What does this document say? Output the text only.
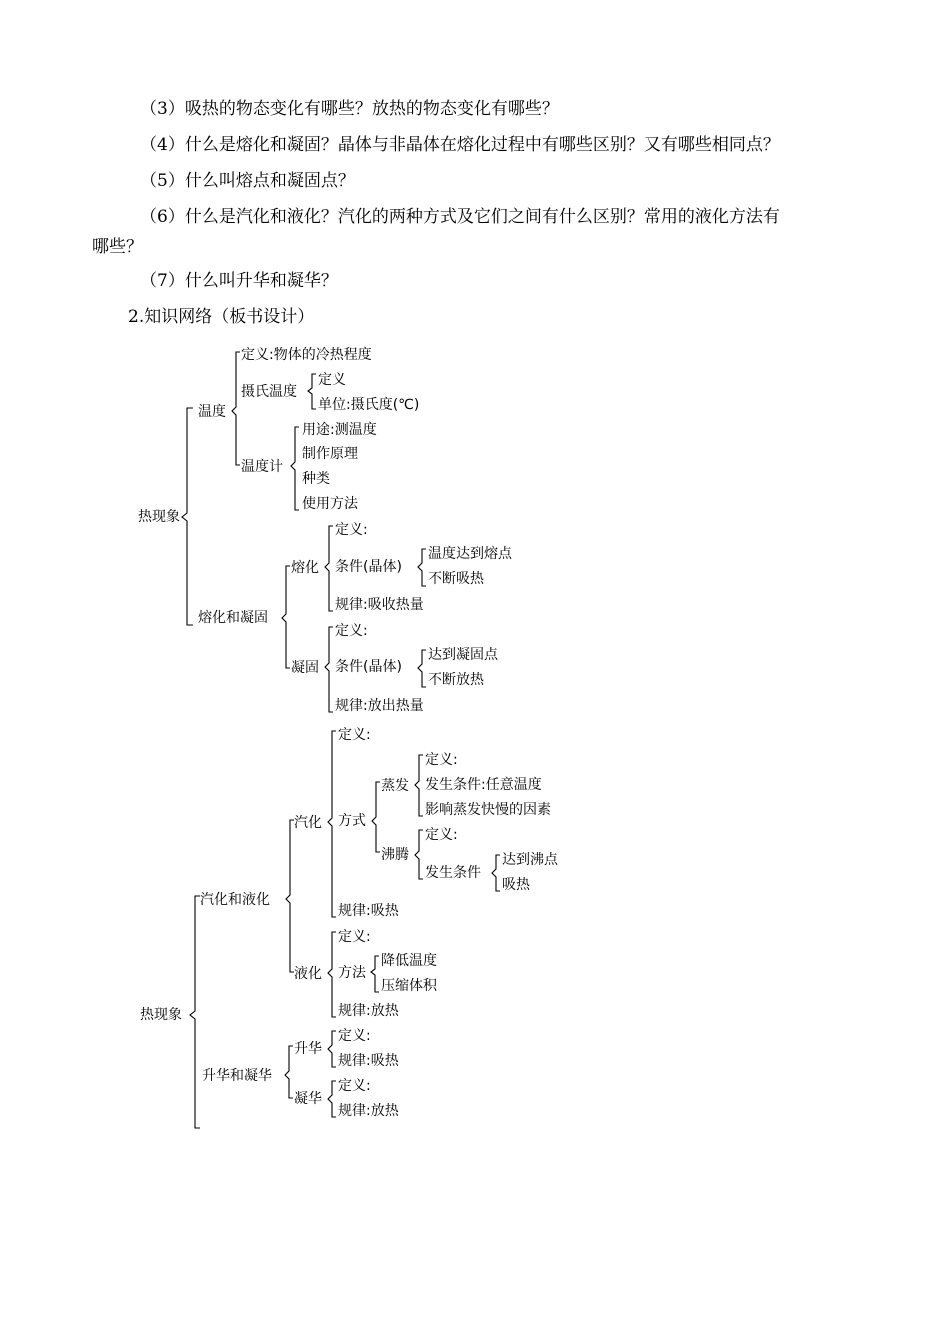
（3）吸热的物态变化有哪些？放热的物态变化有哪些？
（4）什么是熔化和凝固？晶体与非晶体在熔化过程中有哪些区别？又有哪些相同点？
（5）什么叫熔点和凝固点？
（6）什么是汽化和液化？汽化的两种方式及它们之间有什么区别？常用的液化方法有
哪些？
（7）什么叫升华和凝华？
2.知识网络（板书设计）
热现象
温度
定义:物体的冷热程度
摄氏温度
定义
单位:摄氏度(℃)
温度计
用途:测温度
制作原理
种类
使用方法
熔化和凝固
熔化
定义:
条件(晶体)
温度达到熔点
不断吸热
规律:吸收热量
凝固
定义:
条件(晶体)
达到凝固点
不断放热
规律:放出热量
热现象
汽化和液化
汽化
定义:
方式
蒸发
定义:
发生条件:任意温度
影响蒸发快慢的因素
沸腾
定义:
发生条件
达到沸点
吸热
规律:吸热
液化
定义:
方法
降低温度
压缩体积
规律:放热
升华和凝华
升华
定义:
规律:吸热
凝华
定义:
规律:放热
